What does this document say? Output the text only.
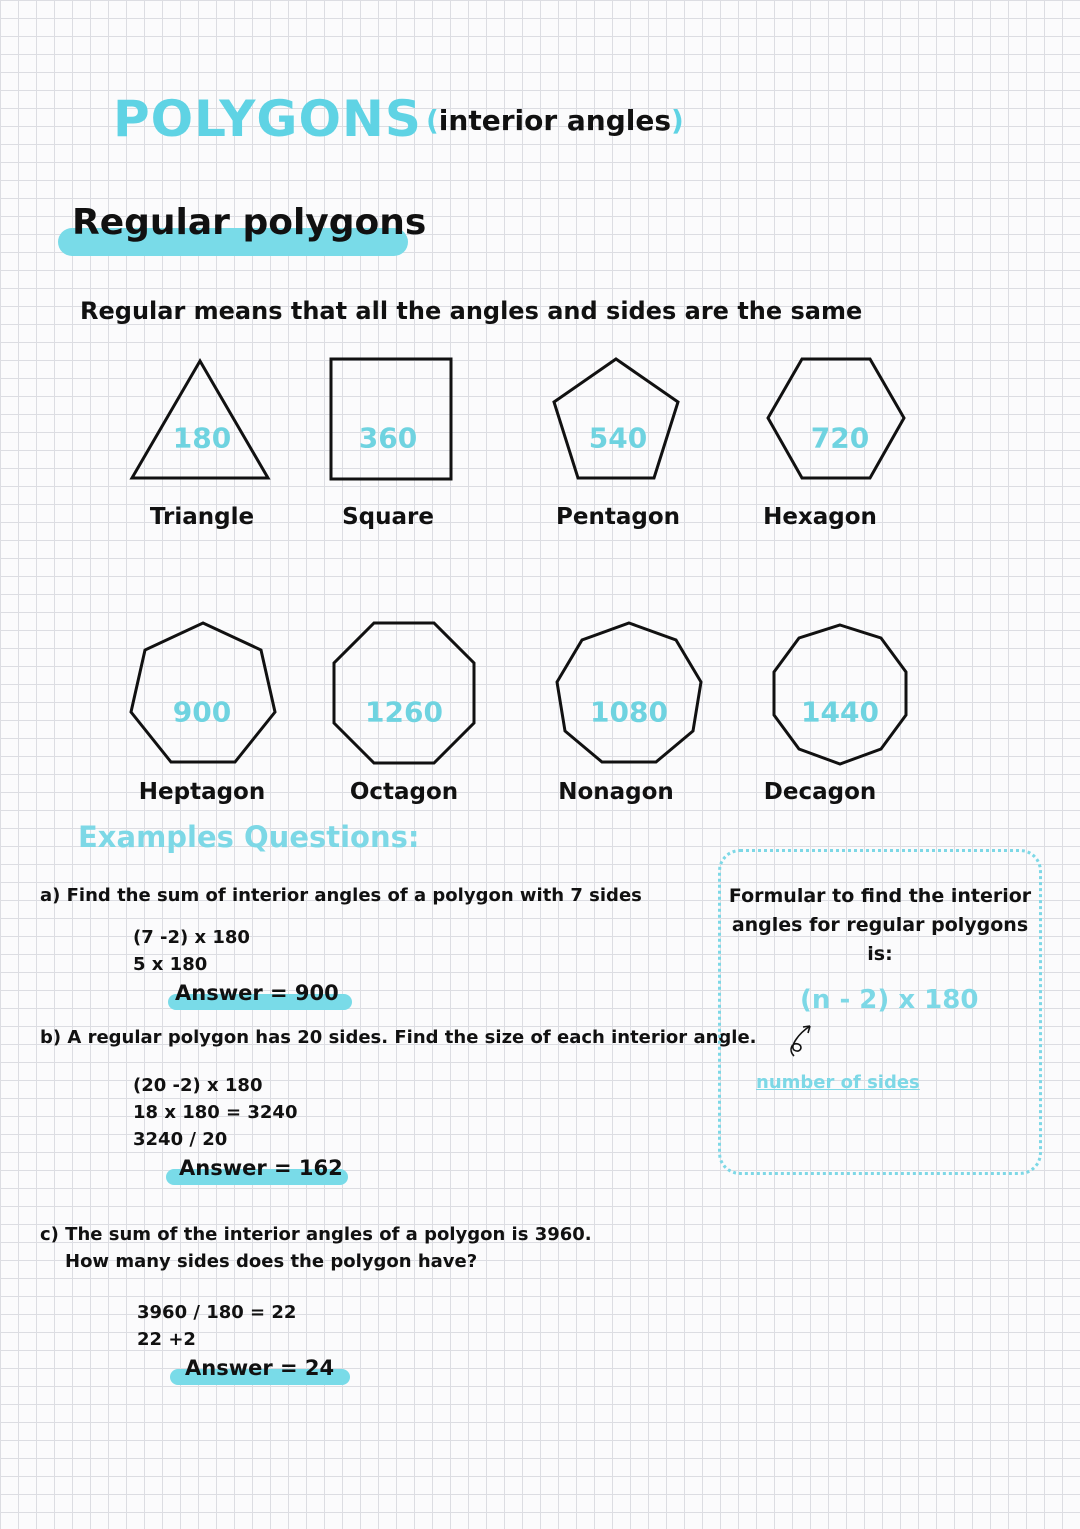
POLYGONS (interior angles)
Regular polygons
Regular means that all the angles and sides are the same
180	360	540	720
Triangle	Square	Pentagon	Hexagon
900	1260	1080	1440
Heptagon	Octagon	Nonagon	Decagon
Examples Questions:
a) Find the sum of interior angles of a polygon with 7 sides
(7 -2) x 180
5 x 180
Answer = 900
b) A regular polygon has 20 sides. Find the size of each interior angle.
(20 -2) x 180
18 x 180 = 3240
3240 / 20
Answer = 162
c) The sum of the interior angles of a polygon is 3960.
How many sides does the polygon have?
3960 / 180 = 22
22 +2
Answer = 24
Formular to find the interior
angles for regular polygons is:
(n - 2) x 180
number of sides
